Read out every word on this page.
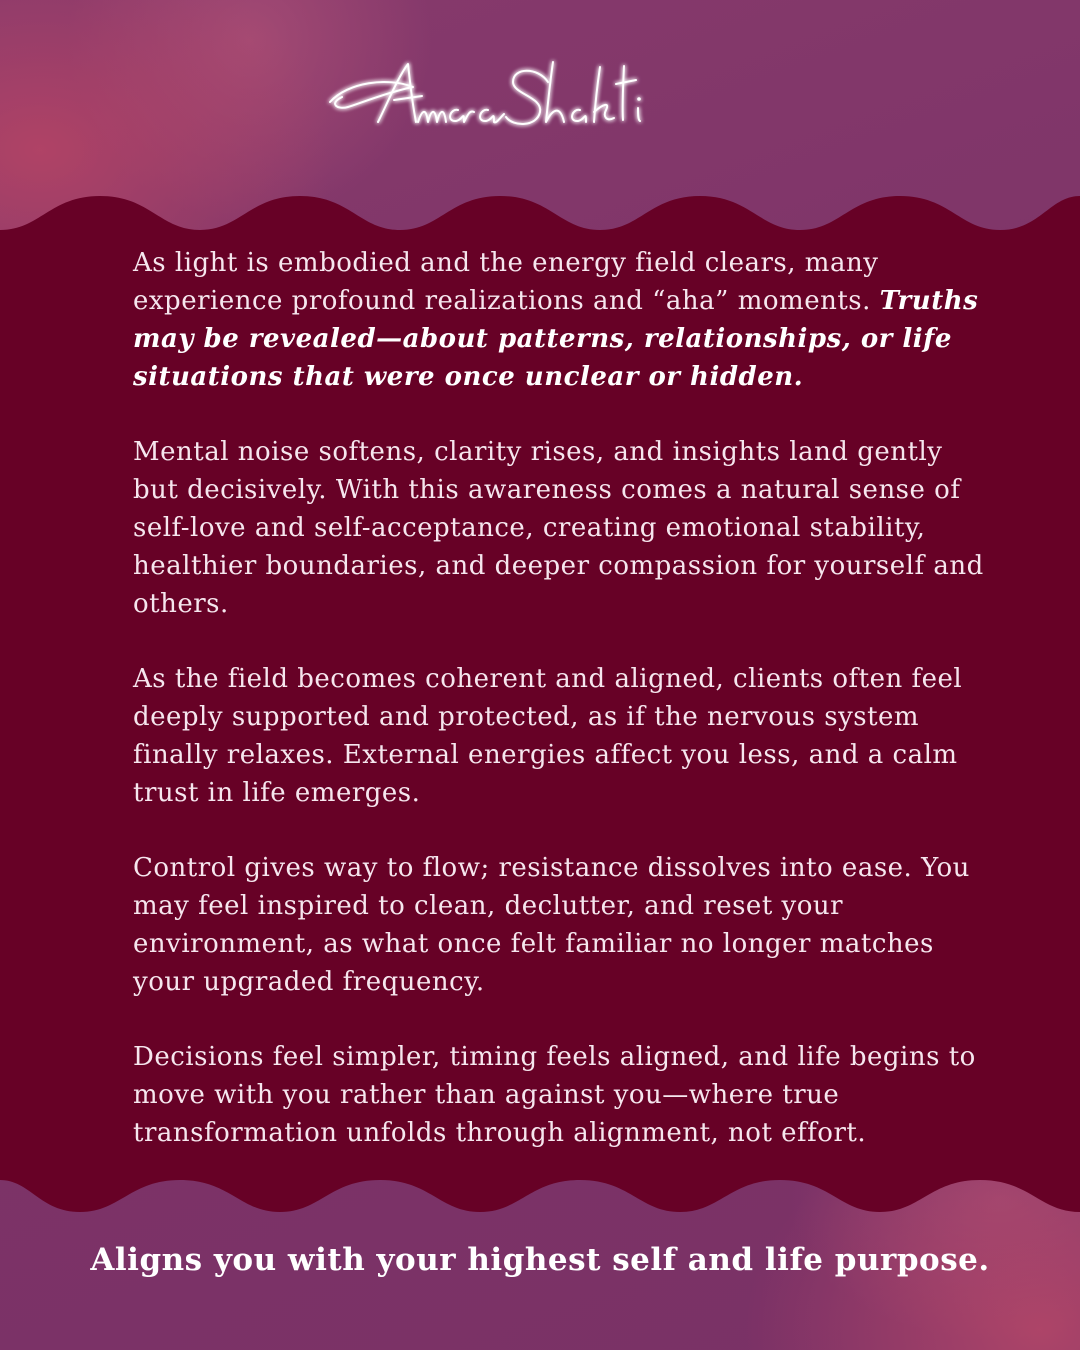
As light is embodied and the energy field clears, many experience profound realizations and “aha” moments. Truths may be revealed—about patterns, relationships, or life situations that were once unclear or hidden.

Mental noise softens, clarity rises, and insights land gently but decisively. With this awareness comes a natural sense of self-love and self-acceptance, creating emotional stability, healthier boundaries, and deeper compassion for yourself and others.

As the field becomes coherent and aligned, clients often feel deeply supported and protected, as if the nervous system finally relaxes. External energies affect you less, and a calm trust in life emerges.

Control gives way to flow; resistance dissolves into ease. You may feel inspired to clean, declutter, and reset your environment, as what once felt familiar no longer matches your upgraded frequency.

Decisions feel simpler, timing feels aligned, and life begins to move with you rather than against you—where true transformation unfolds through alignment, not effort.

Aligns you with your highest self and life purpose.
